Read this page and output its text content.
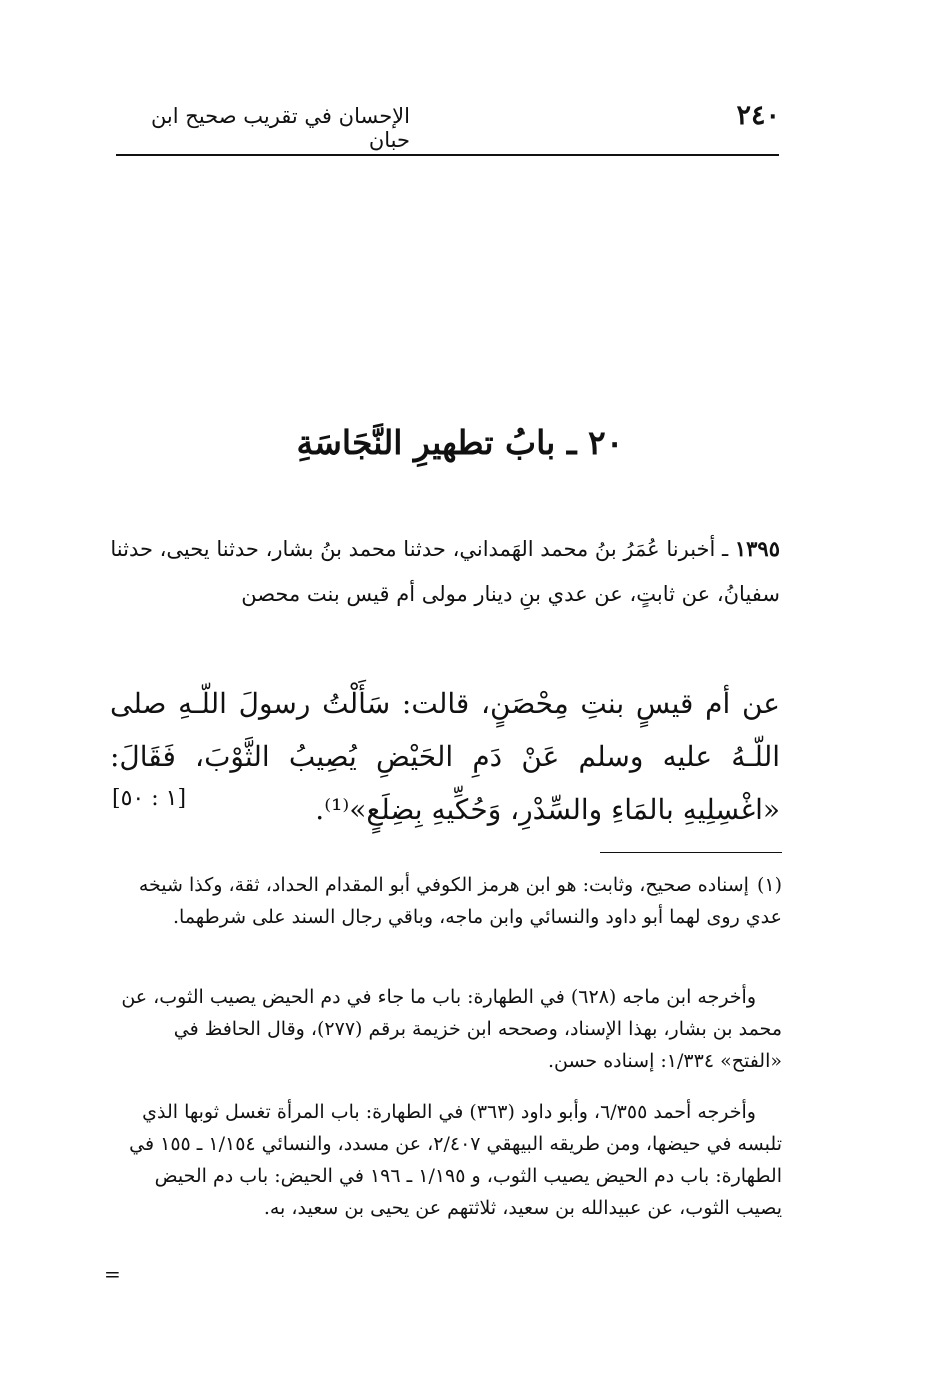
الإحسان في تقريب صحيح ابن حبان
٢٤٠
٢٠ ـ بابُ تطهيرِ النَّجَاسَةِ
١٣٩٥ ـ أخبرنا عُمَرُ بنُ محمد الهَمداني، حدثنا محمد بنُ بشار، حدثنا يحيى، حدثنا سفيانُ، عن ثابتٍ، عن عدي بنِ دينار مولى أم قيس بنت محصن
عن أم قيسٍ بنتِ مِحْصَنٍ، قالت: سَأَلْتُ رسولَ اللّـهِ صلى اللّـهُ عليه وسلم عَنْ دَمِ الحَيْضِ يُصِيبُ الثَّوْبَ، فَقَالَ: «اغْسِلِيهِ بالمَاءِ والسِّدْرِ، وَحُكِّيهِ بِضِلَعٍ»⁽¹⁾.
[١ : ٥٠]
(١)إسناده صحيح، وثابت: هو ابن هرمز الكوفي أبو المقدام الحداد، ثقة، وكذا شيخه عدي روى لهما أبو داود والنسائي وابن ماجه، وباقي رجال السند على شرطهما.
وأخرجه ابن ماجه (٦٢٨) في الطهارة: باب ما جاء في دم الحيض يصيب الثوب، عن محمد بن بشار، بهذا الإسناد، وصححه ابن خزيمة برقم (٢٧٧)، وقال الحافظ في «الفتح» ١/٣٣٤: إسناده حسن.
وأخرجه أحمد ٦/٣٥٥، وأبو داود (٣٦٣) في الطهارة: باب المرأة تغسل ثوبها الذي تلبسه في حيضها، ومن طريقه البيهقي ٢/٤٠٧، عن مسدد، والنسائي ١/١٥٤ ـ ١٥٥ في الطهارة: باب دم الحيض يصيب الثوب، و ١/١٩٥ ـ ١٩٦ في الحيض: باب دم الحيض يصيب الثوب، عن عبيدالله بن سعيد، ثلاثتهم عن يحيى بن سعيد، به.
=
